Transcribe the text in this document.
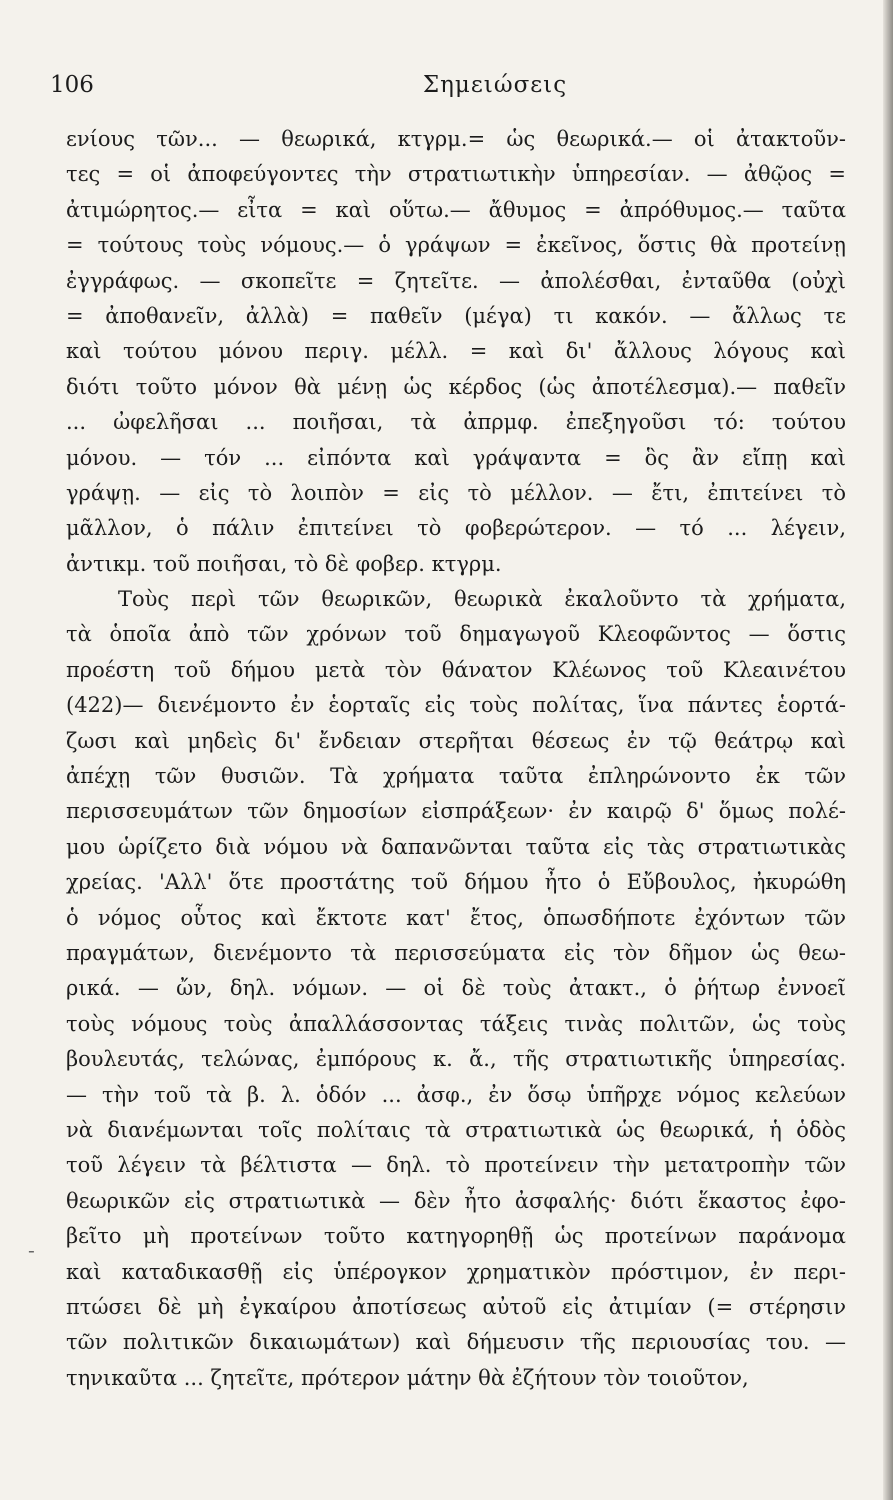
106	Σημειώσεις
-
ενίους τῶν... — θεωρικά, κτγρμ.= ὡς θεωρικά.— οἱ ἀτακτοῦν-
τες = οἱ ἀποφεύγοντες τὴν στρατιωτικὴν ὑπηρεσίαν. — ἀθῷος =
ἀτιμώρητος.— εἶτα = καὶ οὕτω.— ἄθυμος = ἀπρόθυμος.— ταῦτα
= τούτους τοὺς νόμους.— ὁ γράψων = ἐκεῖνος, ὅστις θὰ προτείνῃ
ἐγγράφως. — σκοπεῖτε = ζητεῖτε. — ἀπολέσθαι, ἐνταῦθα (οὐχὶ
= ἀποθανεῖν, ἀλλὰ) = παθεῖν (μέγα) τι κακόν. — ἄλλως τε
καὶ τούτου μόνου περιγ. μέλλ. = καὶ δι' ἄλλους λόγους καὶ
διότι τοῦτο μόνον θὰ μένῃ ὡς κέρδος (ὡς ἀποτέλεσμα).— παθεῖν
... ὠφελῆσαι ... ποιῆσαι, τὰ ἀπρμφ. ἐπεξηγοῦσι τό: τούτου
μόνου. — τόν ... εἰπόντα καὶ γράψαντα = ὃς ἂν εἴπῃ καὶ
γράψῃ. — εἰς τὸ λοιπὸν = εἰς τὸ μέλλον. — ἔτι, ἐπιτείνει τὸ
μᾶλλον, ὁ πάλιν ἐπιτείνει τὸ φοβερώτερον. — τό ... λέγειν,
ἀντικμ. τοῦ ποιῆσαι, τὸ δὲ φοβερ. κτγρμ.
Τοὺς περὶ τῶν θεωρικῶν, θεωρικὰ ἐκαλοῦντο τὰ χρήματα,
τὰ ὁποῖα ἀπὸ τῶν χρόνων τοῦ δημαγωγοῦ Κλεοφῶντος — ὅστις
προέστη τοῦ δήμου μετὰ τὸν θάνατον Κλέωνος τοῦ Κλεαινέτου
(422)— διενέμοντο ἐν ἑορταῖς εἰς τοὺς πολίτας, ἵνα πάντες ἑορτά-
ζωσι καὶ μηδεὶς δι' ἔνδειαν στερῆται θέσεως ἐν τῷ θεάτρῳ καὶ
ἀπέχῃ τῶν θυσιῶν. Τὰ χρήματα ταῦτα ἐπληρώνοντο ἐκ τῶν
περισσευμάτων τῶν δημοσίων εἰσπράξεων· ἐν καιρῷ δ' ὅμως πολέ-
μου ὡρίζετο διὰ νόμου νὰ δαπανῶνται ταῦτα εἰς τὰς στρατιωτικὰς
χρείας. 'Αλλ' ὅτε προστάτης τοῦ δήμου ἦτο ὁ Εὔβουλος, ἠκυρώθη
ὁ νόμος οὗτος καὶ ἔκτοτε κατ' ἔτος, ὁπωσδήποτε ἐχόντων τῶν
πραγμάτων, διενέμοντο τὰ περισσεύματα εἰς τὸν δῆμον ὡς θεω-
ρικά. — ὤν, δηλ. νόμων. — οἱ δὲ τοὺς ἀτακτ., ὁ ῥήτωρ ἐννοεῖ
τοὺς νόμους τοὺς ἀπαλλάσσοντας τάξεις τινὰς πολιτῶν, ὡς τοὺς
βουλευτάς, τελώνας, ἐμπόρους κ. ἄ., τῆς στρατιωτικῆς ὑπηρεσίας.
— τὴν τοῦ τὰ β. λ. ὁδόν ... ἀσφ., ἐν ὅσῳ ὑπῆρχε νόμος κελεύων
νὰ διανέμωνται τοῖς πολίταις τὰ στρατιωτικὰ ὡς θεωρικά, ἡ ὁδὸς
τοῦ λέγειν τὰ βέλτιστα — δηλ. τὸ προτείνειν τὴν μετατροπὴν τῶν
θεωρικῶν εἰς στρατιωτικὰ — δὲν ἦτο ἀσφαλής· διότι ἕκαστος ἐφο-
βεῖτο μὴ προτείνων τοῦτο κατηγορηθῇ ὡς προτείνων παράνομα
καὶ καταδικασθῇ εἰς ὑπέρογκον χρηματικὸν πρόστιμον, ἐν περι-
πτώσει δὲ μὴ ἐγκαίρου ἀποτίσεως αὐτοῦ εἰς ἀτιμίαν (= στέρησιν
τῶν πολιτικῶν δικαιωμάτων) καὶ δήμευσιν τῆς περιουσίας του. —
τηνικαῦτα ... ζητεῖτε, πρότερον μάτην θὰ ἐζήτουν τὸν τοιοῦτον,
